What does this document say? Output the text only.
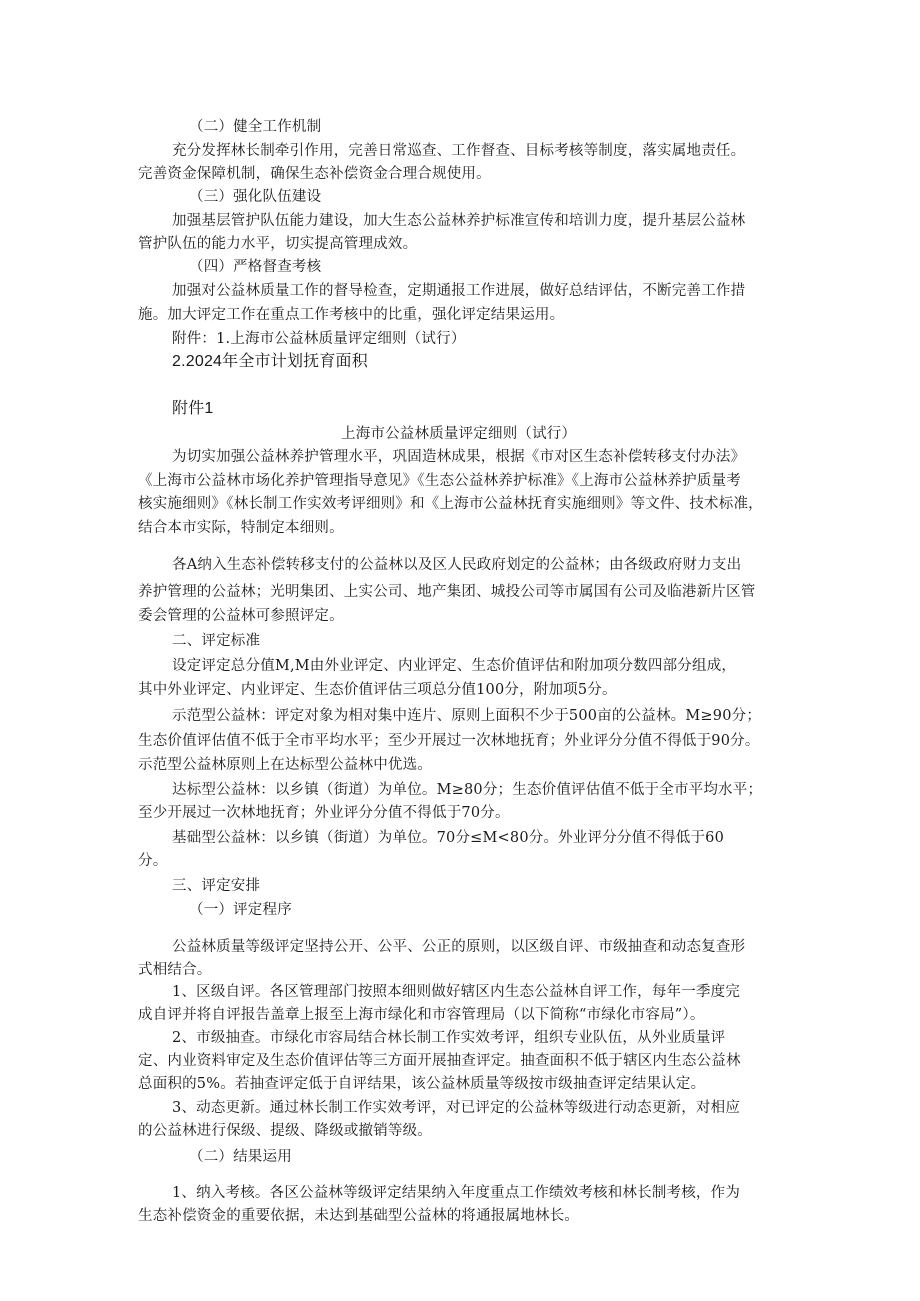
（二）健全工作机制
充分发挥林长制牵引作用，完善日常巡查、工作督查、目标考核等制度，落实属地责任。
完善资金保障机制，确保生态补偿资金合理合规使用。
（三）强化队伍建设
加强基层管护队伍能力建设，加大生态公益林养护标准宣传和培训力度，提升基层公益林
管护队伍的能力水平，切实提高管理成效。
（四）严格督查考核
加强对公益林质量工作的督导检查，定期通报工作进展，做好总结评估，不断完善工作措
施。加大评定工作在重点工作考核中的比重，强化评定结果运用。
附件：1.上海市公益林质量评定细则（试行）
2.2024年全市计划抚育面积
附件1
上海市公益林质量评定细则（试行）
为切实加强公益林养护管理水平，巩固造林成果，根据《市对区生态补偿转移支付办法》
《上海市公益林市场化养护管理指导意见》《生态公益林养护标准》《上海市公益林养护质量考
核实施细则》《林长制工作实效考评细则》和《上海市公益林抚育实施细则》等文件、技术标准，
结合本市实际，特制定本细则。
各A纳入生态补偿转移支付的公益林以及区人民政府划定的公益林；由各级政府财力支出
养护管理的公益林；光明集团、上实公司、地产集团、城投公司等市属国有公司及临港新片区管
委会管理的公益林可参照评定。
二、评定标准
设定评定总分值M,M由外业评定、内业评定、生态价值评估和附加项分数四部分组成，
其中外业评定、内业评定、生态价值评估三项总分值100分，附加项5分。
示范型公益林：评定对象为相对集中连片、原则上面积不少于500亩的公益林。M≥90分；
生态价值评估值不低于全市平均水平；至少开展过一次林地抚育；外业评分分值不得低于90分。
示范型公益林原则上在达标型公益林中优选。
达标型公益林：以乡镇（街道）为单位。M≥80分；生态价值评估值不低于全市平均水平；
至少开展过一次林地抚育；外业评分分值不得低于70分。
基础型公益林：以乡镇（街道）为单位。70分≤M<80分。外业评分分值不得低于60
分。
三、评定安排
（一）评定程序
公益林质量等级评定坚持公开、公平、公正的原则，以区级自评、市级抽查和动态复查形
式相结合。
1、区级自评。各区管理部门按照本细则做好辖区内生态公益林自评工作，每年一季度完
成自评并将自评报告盖章上报至上海市绿化和市容管理局（以下简称“市绿化市容局”）。
2、市级抽查。市绿化市容局结合林长制工作实效考评，组织专业队伍，从外业质量评
定、内业资料审定及生态价值评估等三方面开展抽查评定。抽查面积不低于辖区内生态公益林
总面积的5%。若抽查评定低于自评结果，该公益林质量等级按市级抽查评定结果认定。
3、动态更新。通过林长制工作实效考评，对已评定的公益林等级进行动态更新，对相应
的公益林进行保级、提级、降级或撤销等级。
（二）结果运用
1、纳入考核。各区公益林等级评定结果纳入年度重点工作绩效考核和林长制考核，作为
生态补偿资金的重要依据，未达到基础型公益林的将通报属地林长。
